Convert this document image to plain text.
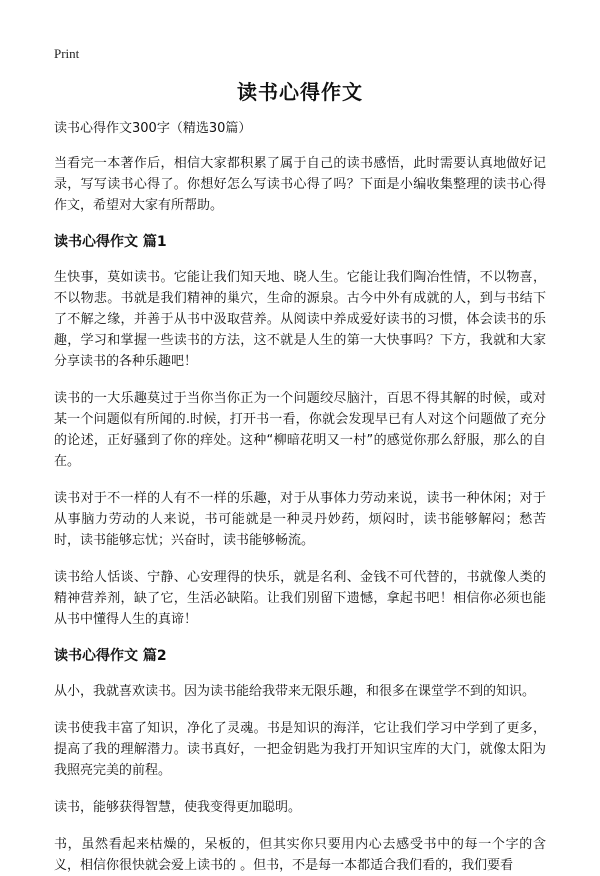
Print
读书心得作文

读书心得作文300字（精选30篇）

当看完一本著作后，相信大家都积累了属于自己的读书感悟，此时需要认真地做好记录，写写读书心得了。你想好怎么写读书心得了吗？下面是小编收集整理的读书心得作文，希望对大家有所帮助。

读书心得作文 篇1

生快事，莫如读书。它能让我们知天地、晓人生。它能让我们陶冶性情，不以物喜，不以物悲。书就是我们精神的巢穴，生命的源泉。古今中外有成就的人，到与书结下了不解之缘，并善于从书中汲取营养。从阅读中养成爱好读书的习惯，体会读书的乐趣，学习和掌握一些读书的方法，这不就是人生的第一大快事吗？下方，我就和大家分享读书的各种乐趣吧！

读书的一大乐趣莫过于当你当你正为一个问题绞尽脑汁，百思不得其解的时候，或对某一个问题似有所闻的.时候，打开书一看，你就会发现早已有人对这个问题做了充分的论述，正好骚到了你的痒处。这种“柳暗花明又一村”的感觉你那么舒服，那么的自在。

读书对于不一样的人有不一样的乐趣，对于从事体力劳动来说，读书一种休闲；对于从事脑力劳动的人来说，书可能就是一种灵丹妙药，烦闷时，读书能够解闷；愁苦时，读书能够忘忧；兴奋时，读书能够畅流。

读书给人恬谈、宁静、心安理得的快乐，就是名利、金钱不可代替的，书就像人类的精神营养剂，缺了它，生活必缺陷。让我们别留下遗憾，拿起书吧！相信你必须也能从书中懂得人生的真谛！

读书心得作文 篇2

从小，我就喜欢读书。因为读书能给我带来无限乐趣，和很多在课堂学不到的知识。

读书使我丰富了知识，净化了灵魂。书是知识的海洋，它让我们学习中学到了更多，提高了我的理解潜力。读书真好，一把金钥匙为我打开知识宝库的大门，就像太阳为我照亮完美的前程。

读书，能够获得智慧，使我变得更加聪明。

书，虽然看起来枯燥的，呆板的，但其实你只要用内心去感受书中的每一个字的含义，相信你很快就会爱上读书的 。但书，不是每一本都适合我们看的，我们要看
